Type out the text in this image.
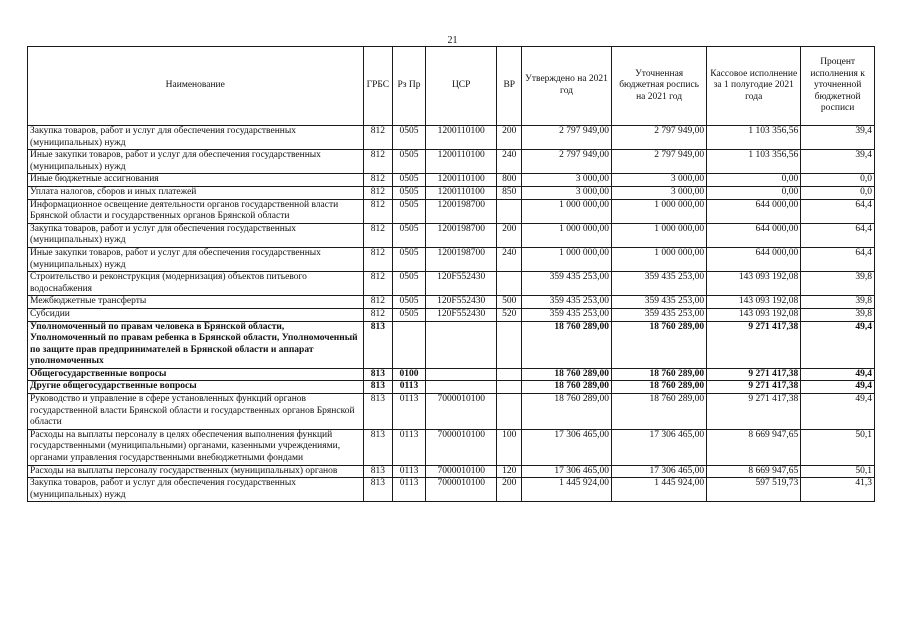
21
Наименование	ГРБС	Рз Пр	ЦСР	ВР	Утверждено на 2021 год	Уточненная бюджетная роспись на 2021 год	Кассовое исполнение за 1 полугодие 2021 года	Процент исполнения к уточненной бюджетной росписи
Закупка товаров, работ и услуг для обеспечения государственных (муниципальных) нужд	812	0505	1200110100	200	2 797 949,00	2 797 949,00	1 103 356,56	39,4
Иные закупки товаров, работ и услуг для обеспечения государственных (муниципальных) нужд	812	0505	1200110100	240	2 797 949,00	2 797 949,00	1 103 356,56	39,4
Иные бюджетные ассигнования	812	0505	1200110100	800	3 000,00	3 000,00	0,00	0,0
Уплата налогов, сборов и иных платежей	812	0505	1200110100	850	3 000,00	3 000,00	0,00	0,0
Информационное освещение деятельности органов государственной власти Брянской области и государственных органов Брянской области	812	0505	1200198700		1 000 000,00	1 000 000,00	644 000,00	64,4
Закупка товаров, работ и услуг для обеспечения государственных (муниципальных) нужд	812	0505	1200198700	200	1 000 000,00	1 000 000,00	644 000,00	64,4
Иные закупки товаров, работ и услуг для обеспечения государственных (муниципальных) нужд	812	0505	1200198700	240	1 000 000,00	1 000 000,00	644 000,00	64,4
Строительство и реконструкция (модернизация) объектов питьевого водоснабжения	812	0505	120F552430		359 435 253,00	359 435 253,00	143 093 192,08	39,8
Межбюджетные трансферты	812	0505	120F552430	500	359 435 253,00	359 435 253,00	143 093 192,08	39,8
Субсидии	812	0505	120F552430	520	359 435 253,00	359 435 253,00	143 093 192,08	39,8
Уполномоченный по правам человека в Брянской области, Уполномоченный по правам ребенка в Брянской области, Уполномоченный по защите прав предпринимателей в Брянской области и аппарат уполномоченных	813				18 760 289,00	18 760 289,00	9 271 417,38	49,4
Общегосударственные вопросы	813	0100			18 760 289,00	18 760 289,00	9 271 417,38	49,4
Другие общегосударственные вопросы	813	0113			18 760 289,00	18 760 289,00	9 271 417,38	49,4
Руководство и управление в сфере установленных функций органов государственной власти Брянской области и государственных органов Брянской области	813	0113	7000010100		18 760 289,00	18 760 289,00	9 271 417,38	49,4
Расходы на выплаты персоналу в целях обеспечения выполнения функций государственными (муниципальными) органами, казенными учреждениями, органами управления государственными внебюджетными фондами	813	0113	7000010100	100	17 306 465,00	17 306 465,00	8 669 947,65	50,1
Расходы на выплаты персоналу государственных (муниципальных) органов	813	0113	7000010100	120	17 306 465,00	17 306 465,00	8 669 947,65	50,1
Закупка товаров, работ и услуг для обеспечения государственных (муниципальных) нужд	813	0113	7000010100	200	1 445 924,00	1 445 924,00	597 519,73	41,3
